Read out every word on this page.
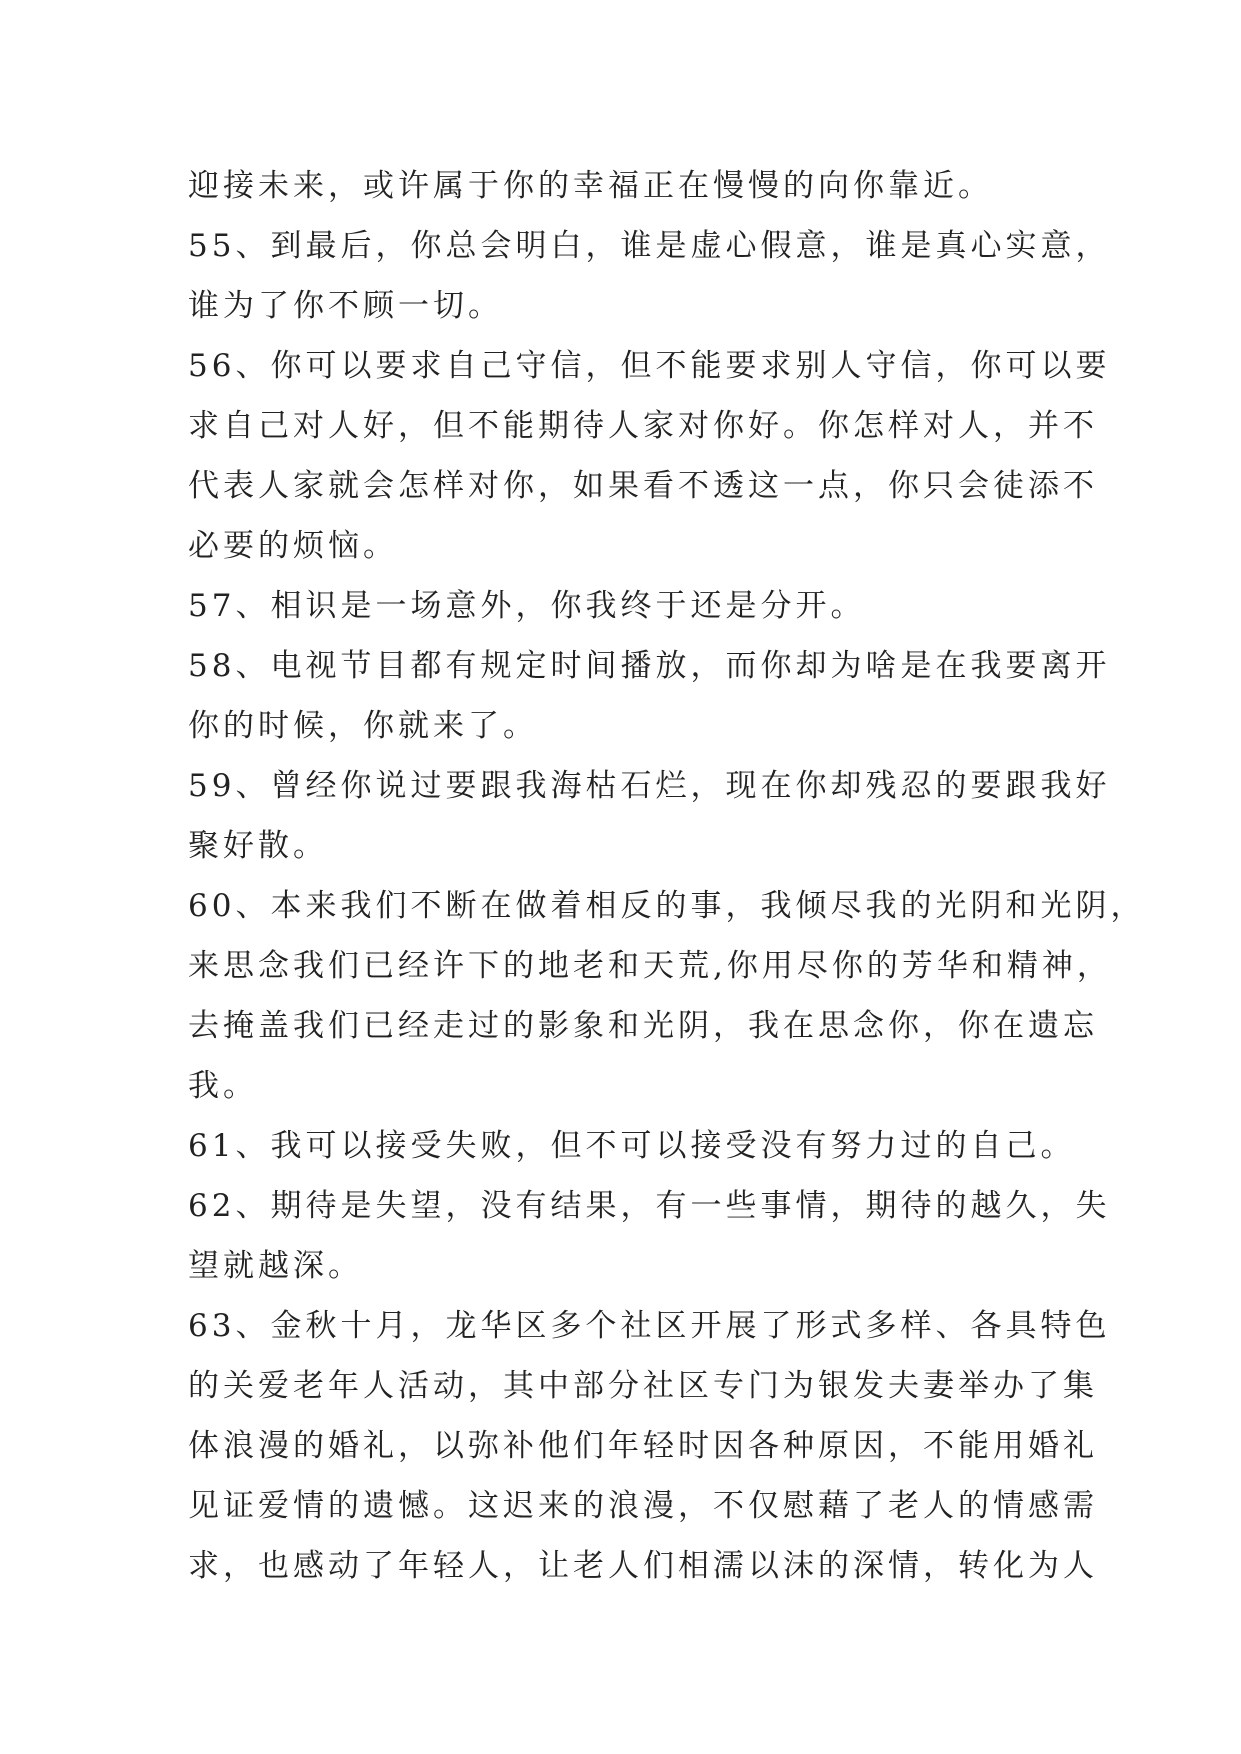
迎接未来，或许属于你的幸福正在慢慢的向你靠近。
55、到最后，你总会明白，谁是虚心假意，谁是真心实意，
谁为了你不顾一切。
56、你可以要求自己守信，但不能要求别人守信，你可以要
求自己对人好，但不能期待人家对你好。你怎样对人，并不
代表人家就会怎样对你，如果看不透这一点，你只会徒添不
必要的烦恼。
57、相识是一场意外，你我终于还是分开。
58、电视节目都有规定时间播放，而你却为啥是在我要离开
你的时候，你就来了。
59、曾经你说过要跟我海枯石烂，现在你却残忍的要跟我好
聚好散。
60、本来我们不断在做着相反的事，我倾尽我的光阴和光阴，
来思念我们已经许下的地老和天荒,你用尽你的芳华和精神，
去掩盖我们已经走过的影象和光阴，我在思念你，你在遗忘
我。
61、我可以接受失败，但不可以接受没有努力过的自己。
62、期待是失望，没有结果，有一些事情，期待的越久，失
望就越深。
63、金秋十月，龙华区多个社区开展了形式多样、各具特色
的关爱老年人活动，其中部分社区专门为银发夫妻举办了集
体浪漫的婚礼，以弥补他们年轻时因各种原因，不能用婚礼
见证爱情的遗憾。这迟来的浪漫，不仅慰藉了老人的情感需
求，也感动了年轻人，让老人们相濡以沫的深情，转化为人
